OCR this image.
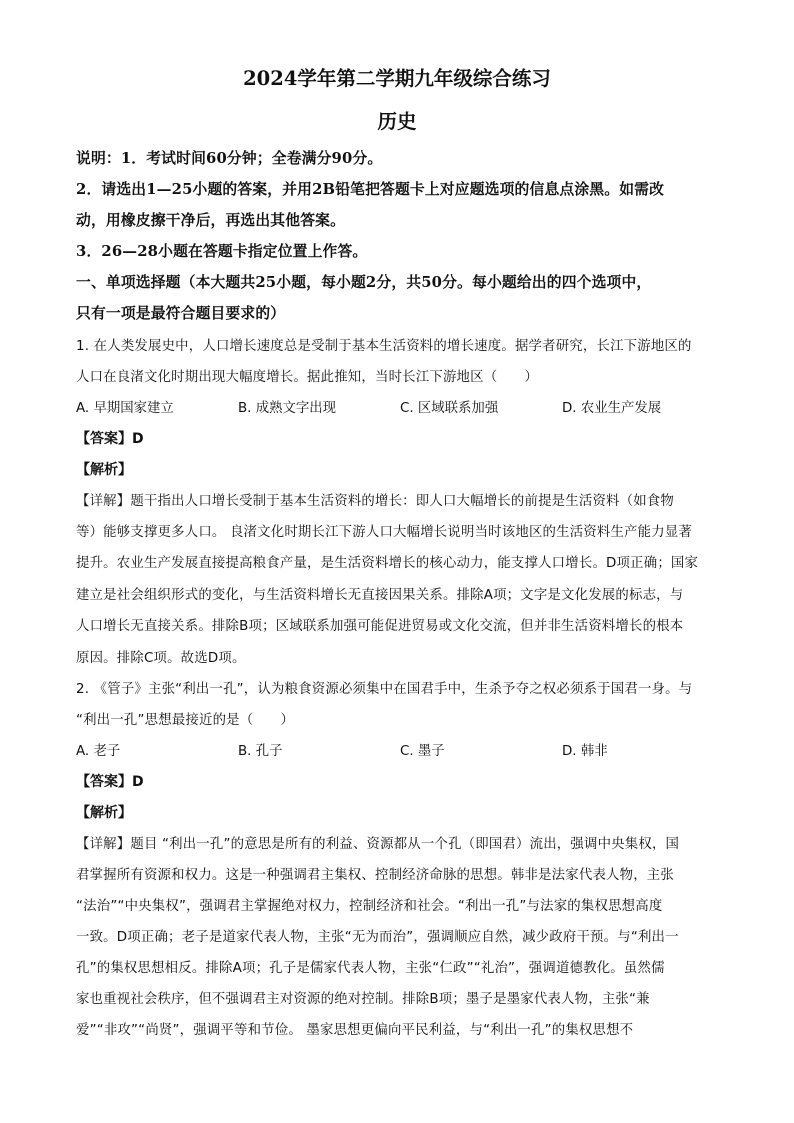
2024学年第二学期九年级综合练习
历史
说明：1．考试时间60分钟；全卷满分90分。
2．请选出1—25小题的答案，并用2B铅笔把答题卡上对应题选项的信息点涂黑。如需改
动，用橡皮擦干净后，再选出其他答案。
3．26—28小题在答题卡指定位置上作答。
一、单项选择题（本大题共25小题，每小题2分，共50分。每小题给出的四个选项中，
只有一项是最符合题目要求的）
1. 在人类发展史中，人口增长速度总是受制于基本生活资料的增长速度。据学者研究，长江下游地区的
人口在良渚文化时期出现大幅度增长。据此推知，当时长江下游地区（　　）
A. 早期国家建立	B. 成熟文字出现	C. 区域联系加强	D. 农业生产发展
【答案】D
【解析】
【详解】题干指出人口增长受制于基本生活资料的增长：即人口大幅增长的前提是生活资料（如食物
等）能够支撑更多人口。 良渚文化时期长江下游人口大幅增长说明当时该地区的生活资料生产能力显著
提升。农业生产发展直接提高粮食产量，是生活资料增长的核心动力，能支撑人口增长。D项正确；国家
建立是社会组织形式的变化，与生活资料增长无直接因果关系。排除A项；文字是文化发展的标志，与
人口增长无直接关系。排除B项；区域联系加强可能促进贸易或文化交流，但并非生活资料增长的根本
原因。排除C项。故选D项。
2. 《管子》主张“利出一孔”，认为粮食资源必须集中在国君手中，生杀予夺之权必须系于国君一身。与
“利出一孔”思想最接近的是（　　）
A. 老子	B. 孔子	C. 墨子	D. 韩非
【答案】D
【解析】
【详解】题目 “利出一孔”的意思是所有的利益、资源都从一个孔（即国君）流出，强调中央集权，国
君掌握所有资源和权力。这是一种强调君主集权、控制经济命脉的思想。韩非是法家代表人物，主张
“法治”“中央集权”，强调君主掌握绝对权力，控制经济和社会。“利出一孔”与法家的集权思想高度
一致。D项正确；老子是道家代表人物，主张“无为而治”，强调顺应自然，减少政府干预。与“利出一
孔”的集权思想相反。排除A项；孔子是儒家代表人物，主张“仁政”“礼治”，强调道德教化。虽然儒
家也重视社会秩序，但不强调君主对资源的绝对控制。排除B项；墨子是墨家代表人物，主张“兼
爱”“非攻”“尚贤”，强调平等和节俭。 墨家思想更偏向平民利益，与“利出一孔”的集权思想不
